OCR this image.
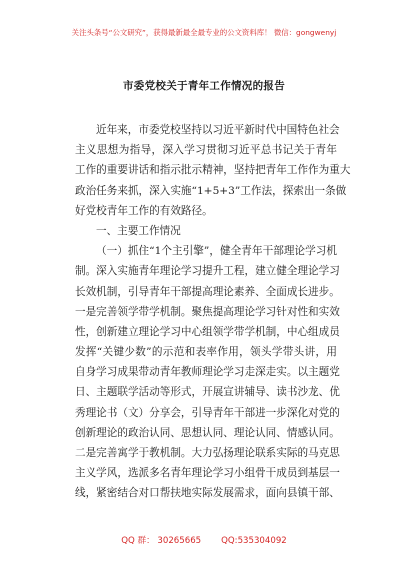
关注头条号“公文研究”，获得最新最全最专业的公文资料库！ 微信：gongwenyj
市委党校关于青年工作情况的报告
近年来，市委党校坚持以习近平新时代中国特色社会
主义思想为指导，深入学习贯彻习近平总书记关于青年
工作的重要讲话和指示批示精神，坚持把青年工作作为重大
政治任务来抓，深入实施“1+5+3”工作法，探索出一条做
好党校青年工作的有效路径。
一、主要工作情况
（一）抓住“1个主引擎”，健全青年干部理论学习机
制。深入实施青年理论学习提升工程，建立健全理论学习
长效机制，引导青年干部提高理论素养、全面成长进步。
一是完善领学带学机制。聚焦提高理论学习针对性和实效
性，创新建立理论学习中心组领学带学机制，中心组成员
发挥“关键少数”的示范和表率作用，领头学带头讲，用
自身学习成果带动青年教师理论学习走深走实。以主题党
日、主题联学活动等形式，开展宣讲辅导、读书沙龙、优
秀理论书（文）分享会，引导青年干部进一步深化对党的
创新理论的政治认同、思想认同、理论认同、情感认同。
二是完善寓学于教机制。大力弘扬理论联系实际的马克思
主义学风，选派多名青年理论学习小组骨干成员到基层一
线，紧密结合对口帮扶地实际发展需求，面向县镇干部、
QQ 群： 30265665 QQ:535304092
